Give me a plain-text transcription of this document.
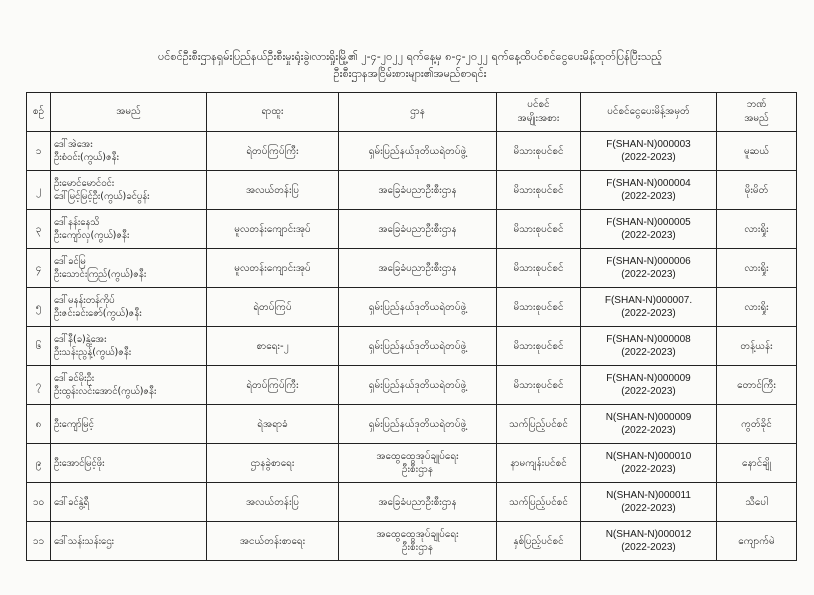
ပင်စင်ဦးစီးဌာနရှမ်းပြည်နယ်ဦးစီးမှုးရုံးခွဲ၊လားရှိုးမြို့၏ ၂-၄-၂၀၂၂ ရက်နေ့မှ ၈-၄-၂၀၂၂ ရက်နေ့ထိပင်စင်ငွေပေးမိန့်ထုတ်ပြန်ပြီးသည့်
ဦးစီးဌာနအငြိမ်းစားများ၏အမည်စာရင်း
စဉ်	အမည်	ရာထူး	ဌာန	ပင်စင်
အမျိုးအစား	ပင်စင်ငွေပေးမိန့်အမှတ်	ဘဏ်
အမည်

၁	ဒေါ်အဲအေး
ဦးစံဝင်း(ကွယ်)ဇနီး	ရဲတပ်ကြပ်ကြီး	ရှမ်းပြည်နယ်ဒုတိယရဲတပ်ဖွဲ့	မိသားစုပင်စင်	F(SHAN-N)000003
(2022-2023)	မူဆယ်
၂	ဦးမောင်မောင်ဝင်း
ဒေါ်မြင့်မြင့်ဦး(ကွယ်)ခင်ပွန်း	အလယ်တန်းပြ	အခြေခံပညာဦးစီးဌာန	မိသားစုပင်စင်	F(SHAN-N)000004
(2022-2023)	မိုးမိတ်
၃	ဒေါ်နန်းနေသိ
ဦးကျော်လှ(ကွယ်)ဇနီး	မူလတန်းကျောင်းအုပ်	အခြေခံပညာဦးစီးဌာန	မိသားစုပင်စင်	F(SHAN-N)000005
(2022-2023)	လားရှိုး
၄	ဒေါ်ခင်မြ
ဦးသောင်းကြည်(ကွယ်)ဇနီး	မူလတန်းကျောင်းအုပ်	အခြေခံပညာဦးစီးဌာန	မိသားစုပင်စင်	F(SHAN-N)000006
(2022-2023)	လားရှိုး
၅	ဒေါ်မနန်းတန်ကိုပ်
ဦးဇင်းခင်းဇော်(ကွယ်)ဇနီး	ရဲတပ်ကြပ်	ရှမ်းပြည်နယ်ဒုတိယရဲတပ်ဖွဲ့	မိသားစုပင်စင်	F(SHAN-N)000007.
(2022-2023)	လားရှိုး
၆	ဒေါ်နီ(ခ)နွဲ့အေး
ဦးသန်းညွန့်(ကွယ်)ဇနီး	စာရေး-၂	ရှမ်းပြည်နယ်ဒုတိယရဲတပ်ဖွဲ့	မိသားစုပင်စင်	F(SHAN-N)000008
(2022-2023)	တန့်ယန်း
၇	ဒေါ်ခင်မိုးဦး
ဦးထွန်းလင်းအောင်(ကွယ်)ဇနီး	ရဲတပ်ကြပ်ကြီး	ရှမ်းပြည်နယ်ဒုတိယရဲတပ်ဖွဲ့	မိသားစုပင်စင်	F(SHAN-N)000009
(2022-2023)	တောင်ကြီး
၈	ဦးကျော်မြင့်	ရဲအရာခံ	ရှမ်းပြည်နယ်ဒုတိယရဲတပ်ဖွဲ့	သက်ပြည့်ပင်စင်	N(SHAN-N)000009
(2022-2023)	ကွတ်ခိုင်
၉	ဦးအောင်မြင့်ဖိုး	ဌာနခွဲစာရေး	အထွေထွေအုပ်ချုပ်ရေး
ဦးစီးဌာန	နာမကျန်းပင်စင်	N(SHAN-N)000010
(2022-2023)	နောင်ချို
၁၀	ဒေါ်ခင်နွဲ့ရီ	အလယ်တန်းပြ	အခြေခံပညာဦးစီးဌာန	သက်ပြည့်ပင်စင်	N(SHAN-N)000011
(2022-2023)	သီပေါ
၁၁	ဒေါ်သန်းသန်းဌေး	အငယ်တန်းစာရေး	အထွေထွေအုပ်ချုပ်ရေး
ဦးစီးဌာန	နှစ်ပြည့်ပင်စင်	N(SHAN-N)000012
(2022-2023)	ကျောက်မဲ
